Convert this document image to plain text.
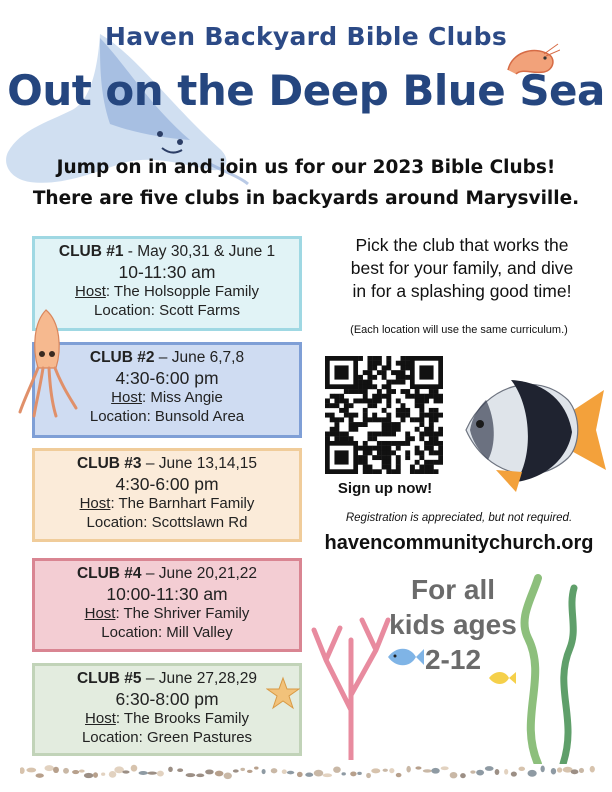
Haven Backyard Bible Clubs
Out on the Deep Blue Sea
Jump on in and join us for our 2023 Bible Clubs!
There are five clubs in backyards around Marysville.
CLUB #1 - May 30,31 & June 1
10-11:30 am
Host: The Holsopple Family
Location: Scott Farms
CLUB #2 – June 6,7,8
4:30-6:00 pm
Host: Miss Angie
Location: Bunsold Area
CLUB #3 – June 13,14,15
4:30-6:00 pm
Host: The Barnhart Family
Location: Scottslawn Rd
CLUB #4 – June 20,21,22
10:00-11:30 am
Host: The Shriver Family
Location: Mill Valley
CLUB #5 – June 27,28,29
6:30-8:00 pm
Host: The Brooks Family
Location: Green Pastures
Pick the club that works the
best for your family, and dive
in for a splashing good time!
(Each location will use the same curriculum.)
Sign up now!
Registration is appreciated, but not required.
havencommunitychurch.org
For all
kids ages
2-12
